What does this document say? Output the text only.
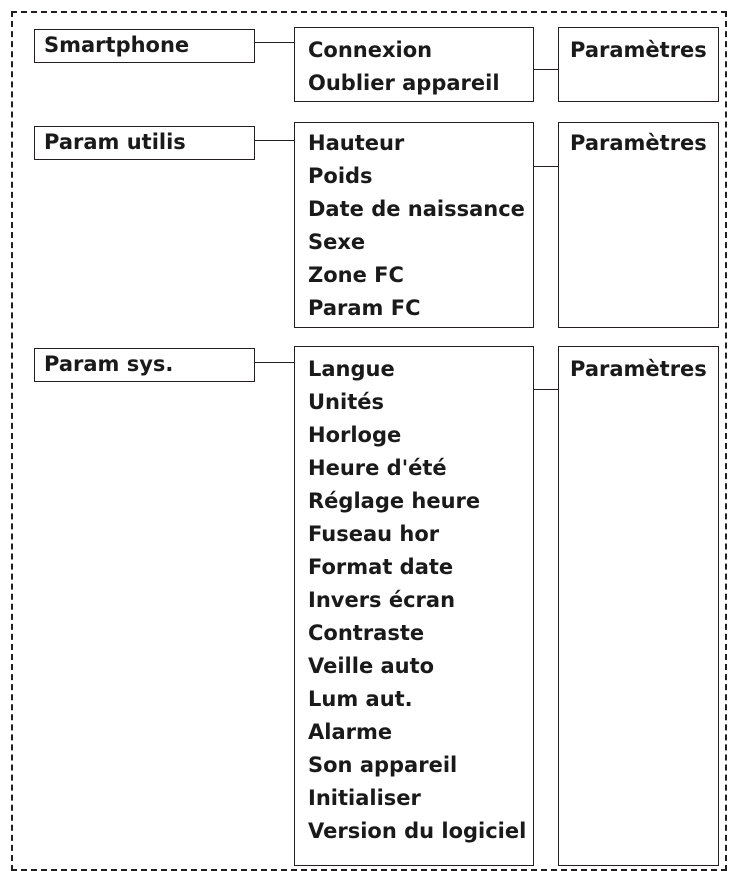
Smartphone	Connexion
Oublier appareil
Paramètres
Param utilis	Hauteur
Poids
Date de naissance
Sexe
Zone FC
Param FC
Paramètres
Param sys.	Langue
Unités
Horloge
Heure d'été
Réglage heure
Fuseau hor
Format date
Invers écran
Contraste
Veille auto
Lum aut.
Alarme
Son appareil
Initialiser
Version du logiciel
Paramètres
